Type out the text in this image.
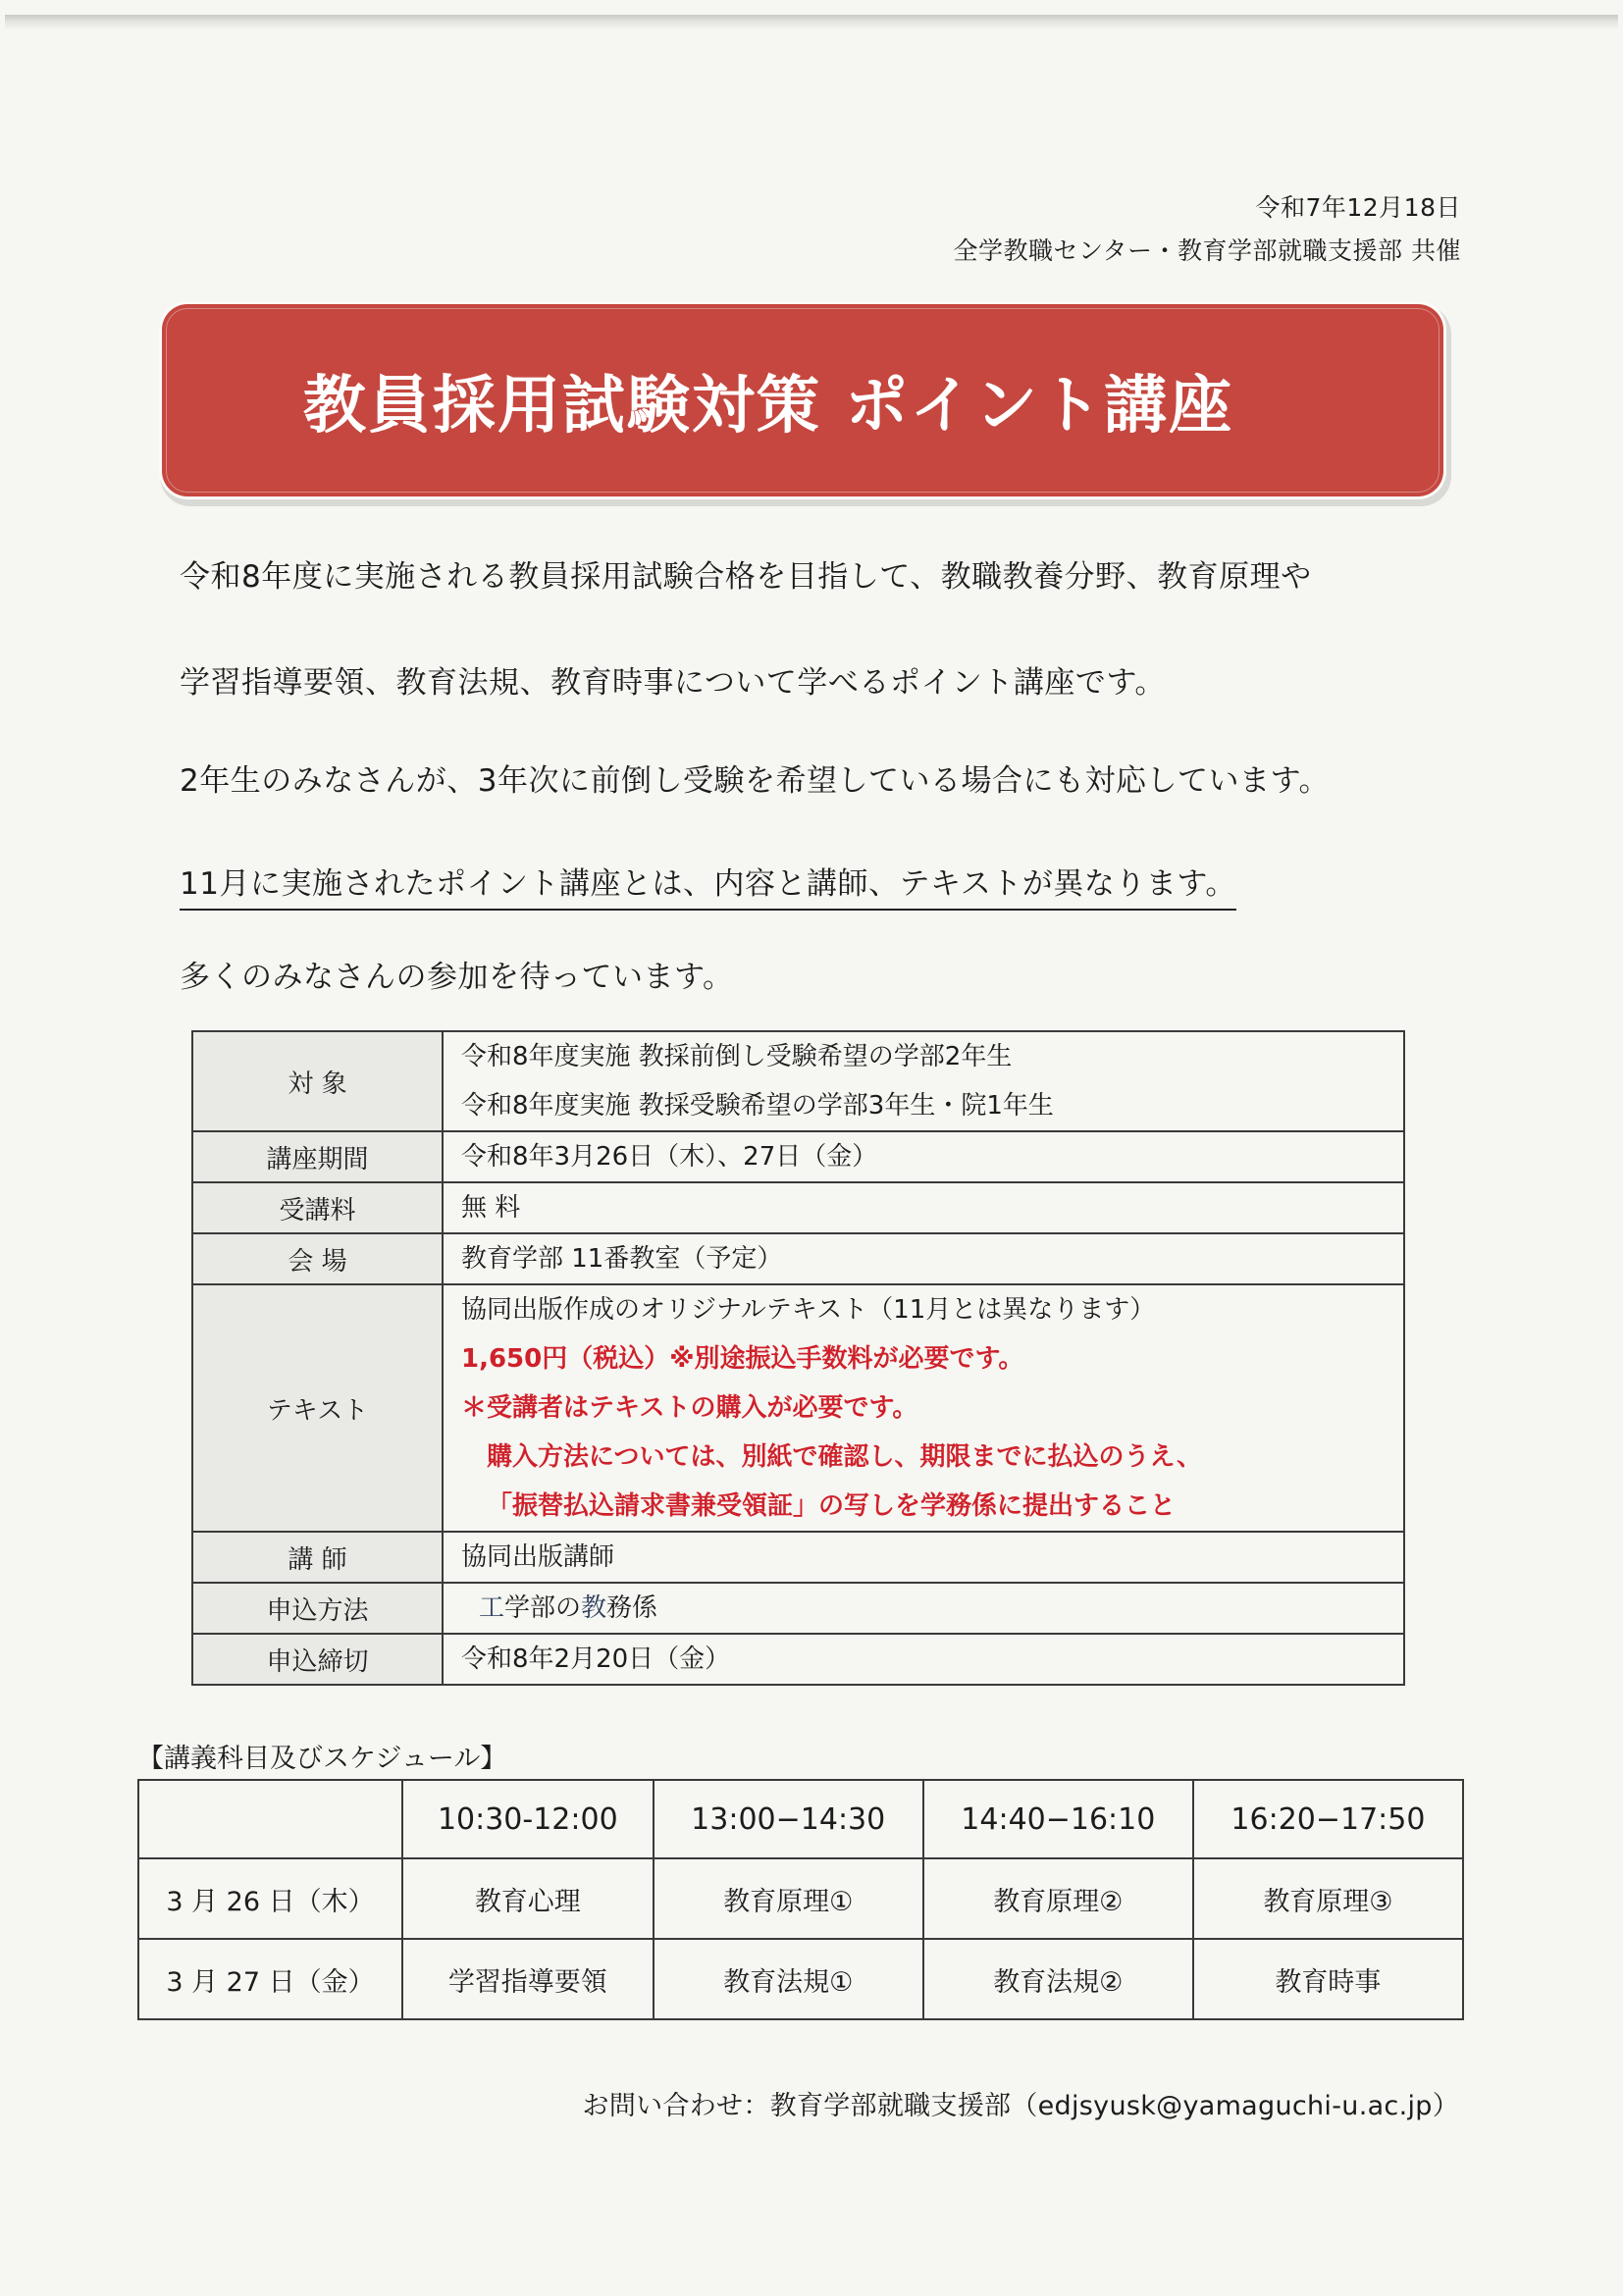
令和7年12月18日
全学教職センター・教育学部就職支援部 共催
教員採用試験対策 ポイント講座
令和8年度に実施される教員採用試験合格を目指して、教職教養分野、教育原理や
学習指導要領、教育法規、教育時事について学べるポイント講座です。
2年生のみなさんが、3年次に前倒し受験を希望している場合にも対応しています。
11月に実施されたポイント講座とは、内容と講師、テキストが異なります。
多くのみなさんの参加を待っています。
対 象	令和8年度実施 教採前倒し受験希望の学部2年生
令和8年度実施 教採受験希望の学部3年生・院1年生

講座期間	令和8年3月26日（木）、27日（金）
受講料	無 料
会 場	教育学部 11番教室（予定）
テキスト	協同出版作成のオリジナルテキスト（11月とは異なります）
1,650円（税込）※別途振込手数料が必要です。
＊受講者はテキストの購入が必要です。
購入方法については、別紙で確認し、期限までに払込のうえ、
「振替払込請求書兼受領証」の写しを学務係に提出すること

講 師	協同出版講師
申込方法	工学部の教務係
申込締切	令和8年2月20日（金）
【講義科目及びスケジュール】
	10:30-12:00	13:00−14:30	14:40−16:10	16:20−17:50
3 月 26 日（木）	教育心理	教育原理①	教育原理②	教育原理③
3 月 27 日（金）	学習指導要領	教育法規①	教育法規②	教育時事
お問い合わせ：教育学部就職支援部（edjsyusk@yamaguchi-u.ac.jp）
